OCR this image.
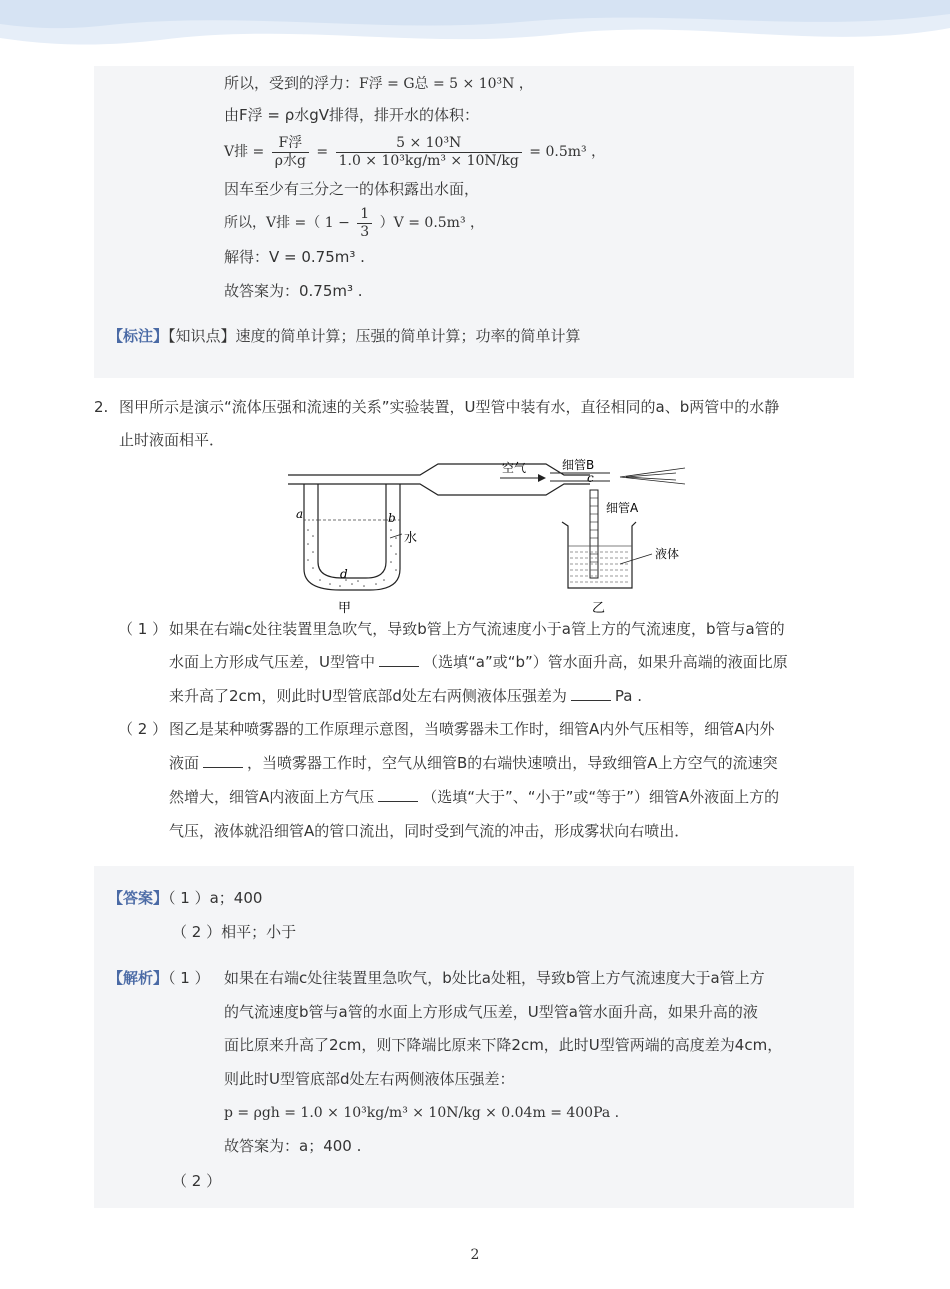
所以，受到的浮力：F浮 = G总 = 5 × 10³N ，
由F浮 = ρ水gV排得，排开水的体积：
V排 = $\frac{\text{F浮}}{\text{ρ水g}} = \frac{\text{5 × 10³N}}{\text{1.0 × 10³kg/m³ × 10N/kg}} = 0.5m^3$ ，
因车至少有三分之一的体积露出水面，
所以，V排 =（ $1 - \frac{1}{3} )V = 0.5m^3$ ，
解得：V = 0.75m³ .
故答案为：0.75m³ .
【标注】【知识点】速度的简单计算；压强的简单计算；功率的简单计算
2. 图甲所示是演示“流体压强和流速的关系”实验装置，U型管中装有水，直径相同的a、b两管中的水静
止时液面相平．
c
a	b
d
水
甲
空气	细管B
细管A
液体
乙
（ 1 ） 如果在右端c处往装置里急吹气，导致b管上方气流速度小于a管上方的气流速度，b管与a管的
水面上方形成气压差，U型管中	（选填“a”或“b”）管水面升高，如果升高端的液面比原
来升高了2cm，则此时U型管底部d处左右两侧液体压强差为	Pa .
（ 2 ） 图乙是某种喷雾器的工作原理示意图，当喷雾器未工作时，细管A内外气压相等，细管A内外
液面	，当喷雾器工作时，空气从细管B的右端快速喷出，导致细管A上方空气的流速突
然增大，细管A内液面上方气压	（选填“大于”、“小于”或“等于”）细管A外液面上方的
气压，液体就沿细管A的管口流出，同时受到气流的冲击，形成雾状向右喷出．
【答案】（ 1 ）a；400
（ 2 ）相平；小于
【解析】（ 1 ） 如果在右端c处往装置里急吹气，b处比a处粗，导致b管上方气流速度大于a管上方
的气流速度b管与a管的水面上方形成气压差，U型管a管水面升高，如果升高的液
面比原来升高了2cm，则下降端比原来下降2cm，此时U型管两端的高度差为4cm，
则此时U型管底部d处左右两侧液体压强差：
p = ρgh = 1.0 × 10³kg/m³ × 10N/kg × 0.04m = 400Pa .
故答案为：a；400 .
（ 2 ）
2
